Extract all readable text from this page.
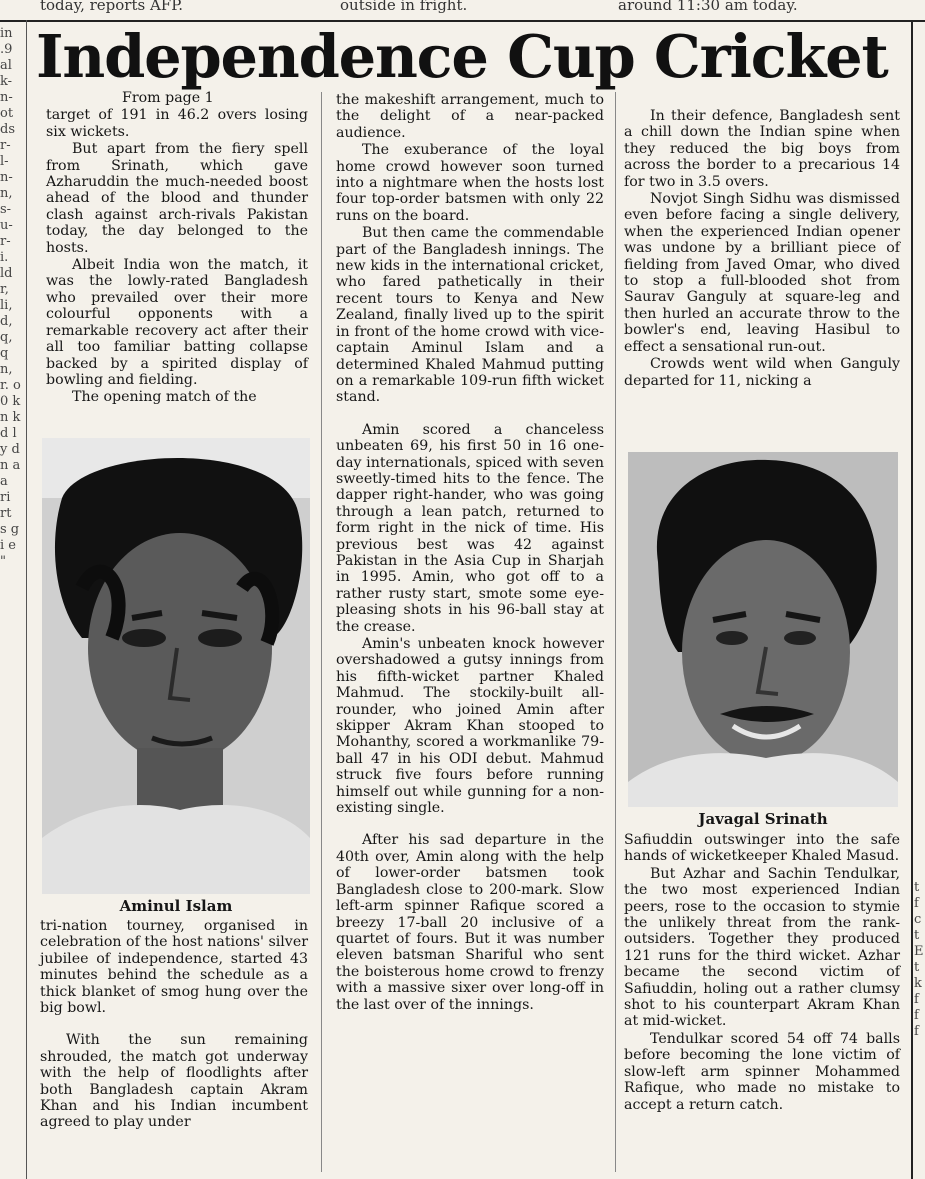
today, reports AFP.	outside in fright.	around 11:30 am today.
in .9 al k- n- ot ds r- l- n- n, s- u- r- i. ld r, li, d, q, q n, r. o 0 k n k d l y d n a a ri rt s g i e "
t f c t E t k f f f
Independence Cup Cricket

From page 1

target of 191 in 46.2 overs losing six wickets.

But apart from the fiery spell from Srinath, which gave Azharuddin the much-needed boost ahead of the blood and thunder clash against arch-rivals Pakistan today, the day belonged to the hosts.

Albeit India won the match, it was the lowly-rated Bangladesh who prevailed over their more colourful opponents with a remarkable recovery act after their all too familiar batting collapse backed by a spirited display of bowling and fielding.

The opening match of the

Aminul Islam

tri-nation tourney, organised in celebration of the host nations' silver jubilee of independence, started 43 minutes behind the schedule as a thick blanket of smog hung over the big bowl.

With the sun remaining shrouded, the match got underway with the help of floodlights after both Bangladesh captain Akram Khan and his Indian incumbent agreed to play under

the makeshift arrangement, much to the delight of a near-packed audience.

The exuberance of the loyal home crowd however soon turned into a nightmare when the hosts lost four top-order batsmen with only 22 runs on the board.

But then came the commendable part of the Bangladesh innings. The new kids in the international cricket, who fared pathetically in their recent tours to Kenya and New Zealand, finally lived up to the spirit in front of the home crowd with vice-captain Aminul Islam and a determined Khaled Mahmud putting on a remarkable 109-run fifth wicket stand.

Amin scored a chanceless unbeaten 69, his first 50 in 16 one-day internationals, spiced with seven sweetly-timed hits to the fence. The dapper right-hander, who was going through a lean patch, returned to form right in the nick of time. His previous best was 42 against Pakistan in the Asia Cup in Sharjah in 1995. Amin, who got off to a rather rusty start, smote some eye-pleasing shots in his 96-ball stay at the crease.

Amin's unbeaten knock however overshadowed a gutsy innings from his fifth-wicket partner Khaled Mahmud. The stockily-built all-rounder, who joined Amin after skipper Akram Khan stooped to Mohanthy, scored a workmanlike 79-ball 47 in his ODI debut. Mahmud struck five fours before running himself out while gunning for a non-existing single.

After his sad departure in the 40th over, Amin along with the help of lower-order batsmen took Bangladesh close to 200-mark. Slow left-arm spinner Rafique scored a breezy 17-ball 20 inclusive of a quartet of fours. But it was number eleven batsman Shariful who sent the boisterous home crowd to frenzy with a massive sixer over long-off in the last over of the innings.

In their defence, Bangladesh sent a chill down the Indian spine when they reduced the big boys from across the border to a precarious 14 for two in 3.5 overs.

Novjot Singh Sidhu was dismissed even before facing a single delivery, when the experienced Indian opener was undone by a brilliant piece of fielding from Javed Omar, who dived to stop a full-blooded shot from Saurav Ganguly at square-leg and then hurled an accurate throw to the bowler's end, leaving Hasibul to effect a sensational run-out.

Crowds went wild when Ganguly departed for 11, nicking a

Javagal Srinath

Safiuddin outswinger into the safe hands of wicketkeeper Khaled Masud.

But Azhar and Sachin Tendulkar, the two most experienced Indian peers, rose to the occasion to stymie the unlikely threat from the rank-outsiders. Together they produced 121 runs for the third wicket. Azhar became the second victim of Safiuddin, holing out a rather clumsy shot to his counterpart Akram Khan at mid-wicket.

Tendulkar scored 54 off 74 balls before becoming the lone victim of slow-left arm spinner Mohammed Rafique, who made no mistake to accept a return catch.
